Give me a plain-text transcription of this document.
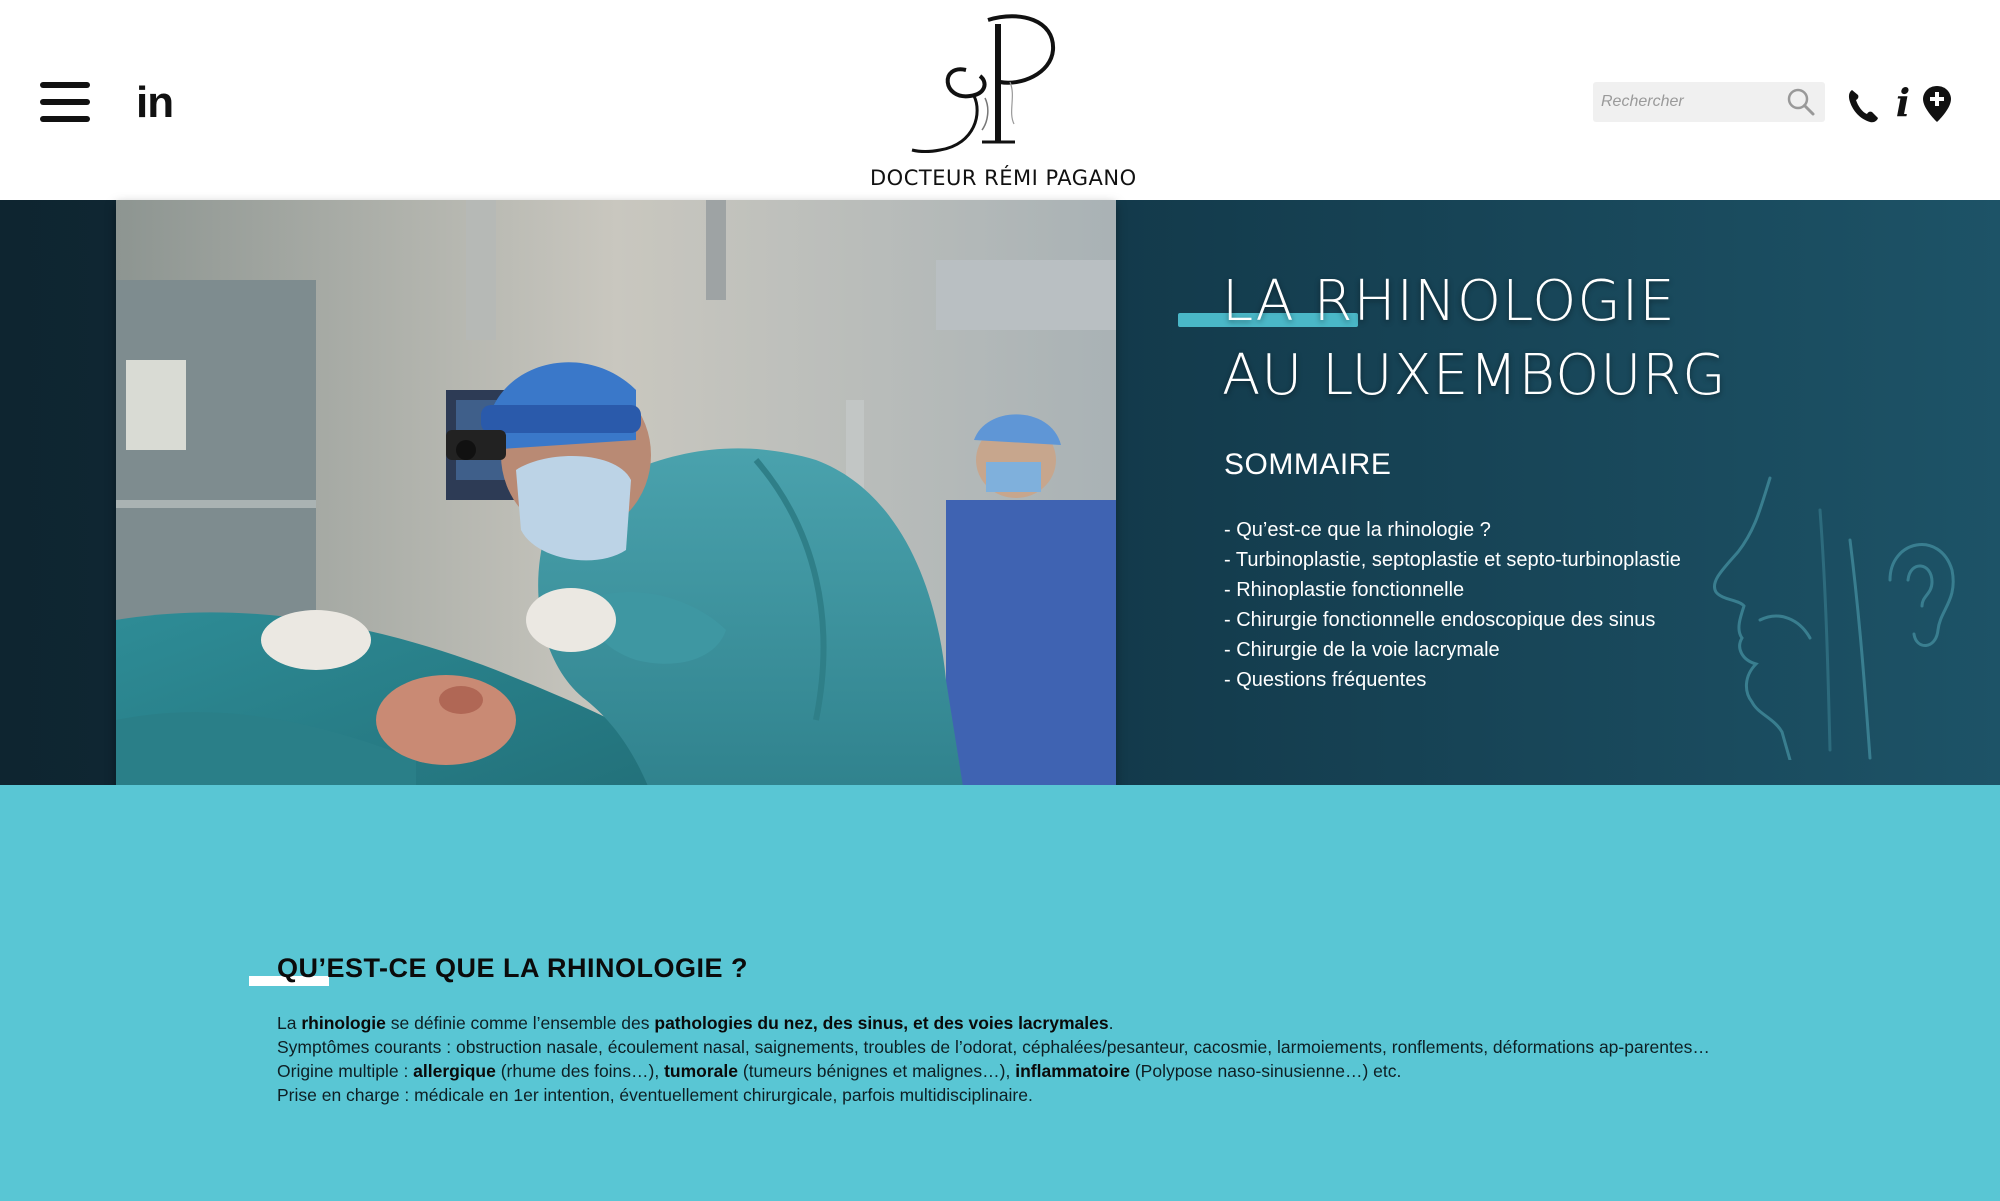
in
DOCTEUR RÉMI PAGANO
Rechercher
i
LA RHINOLOGIE
AU LUXEMBOURG
SOMMAIRE
- Qu’est-ce que la rhinologie ?
- Turbinoplastie, septoplastie et septo-turbinoplastie
- Rhinoplastie fonctionnelle
- Chirurgie fonctionnelle endoscopique des sinus
- Chirurgie de la voie lacrymale
- Questions fréquentes
QU’EST-CE QUE LA RHINOLOGIE ?

La rhinologie se définie comme l’ensemble des pathologies du nez, des sinus, et des voies lacrymales.

Symptômes courants : obstruction nasale, écoulement nasal, saignements, troubles de l’odorat, céphalées/pesanteur, cacosmie, larmoiements, ronflements, déformations ap-parentes…

Origine multiple : allergique (rhume des foins…), tumorale (tumeurs bénignes et malignes…), inflammatoire (Polypose naso-sinusienne…) etc.

Prise en charge : médicale en 1er intention, éventuellement chirurgicale, parfois multidisciplinaire.
